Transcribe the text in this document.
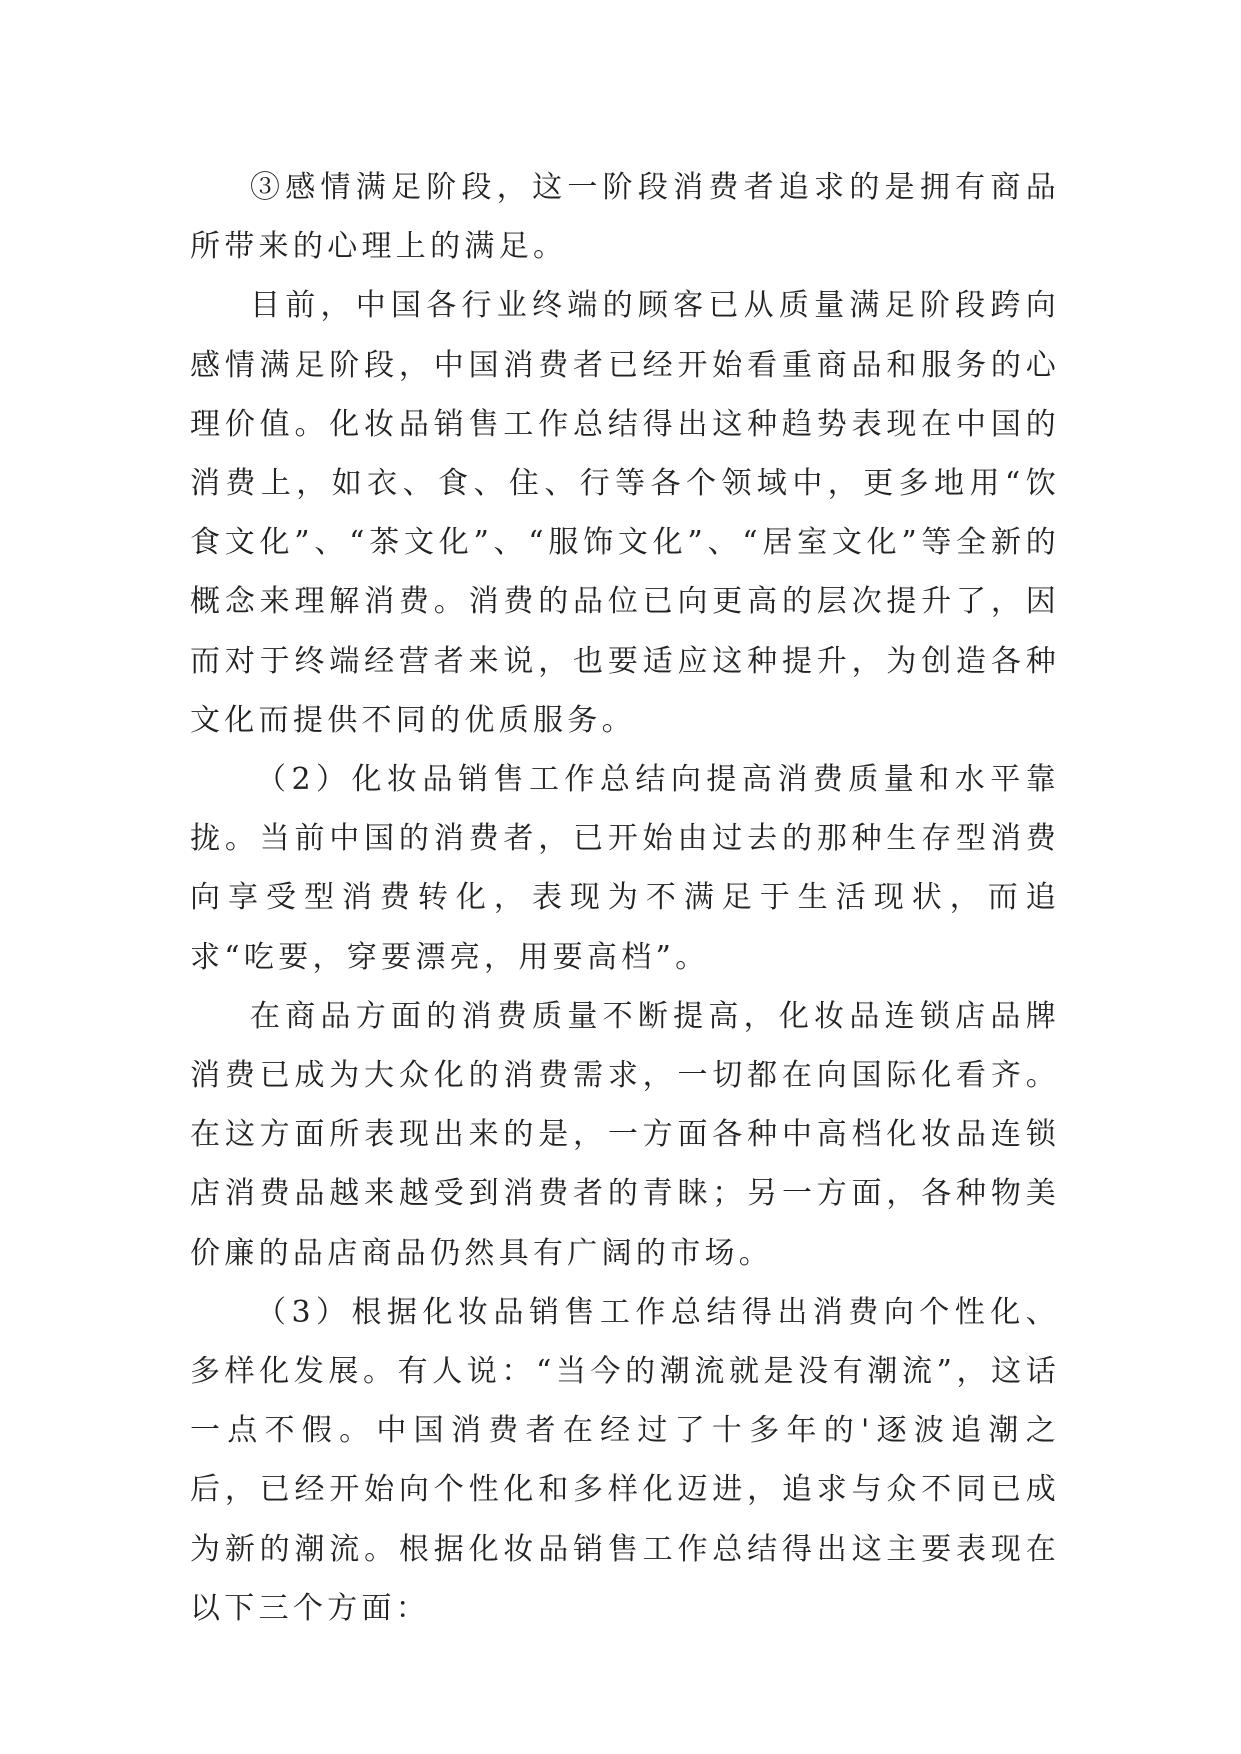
③感情满足阶段，这一阶段消费者追求的是拥有商品所带来的心理上的满足。

目前，中国各行业终端的顾客已从质量满足阶段跨向感情满足阶段，中国消费者已经开始看重商品和服务的心理价值。化妆品销售工作总结得出这种趋势表现在中国的消费上，如衣、食、住、行等各个领域中，更多地用“饮食文化”、“茶文化”、“服饰文化”、“居室文化”等全新的概念来理解消费。消费的品位已向更高的层次提升了，因而对于终端经营者来说，也要适应这种提升，为创造各种文化而提供不同的优质服务。

（2）化妆品销售工作总结向提高消费质量和水平靠拢。当前中国的消费者，已开始由过去的那种生存型消费向享受型消费转化，表现为不满足于生活现状，而追求“吃要，穿要漂亮，用要高档”。

在商品方面的消费质量不断提高，化妆品连锁店品牌消费已成为大众化的消费需求，一切都在向国际化看齐。在这方面所表现出来的是，一方面各种中高档化妆品连锁店消费品越来越受到消费者的青睐；另一方面，各种物美价廉的品店商品仍然具有广阔的市场。

（3）根据化妆品销售工作总结得出消费向个性化、多样化发展。有人说：“当今的潮流就是没有潮流”，这话一点不假。中国消费者在经过了十多年的'逐波追潮之后，已经开始向个性化和多样化迈进，追求与众不同已成为新的潮流。根据化妆品销售工作总结得出这主要表现在以下三个方面：
